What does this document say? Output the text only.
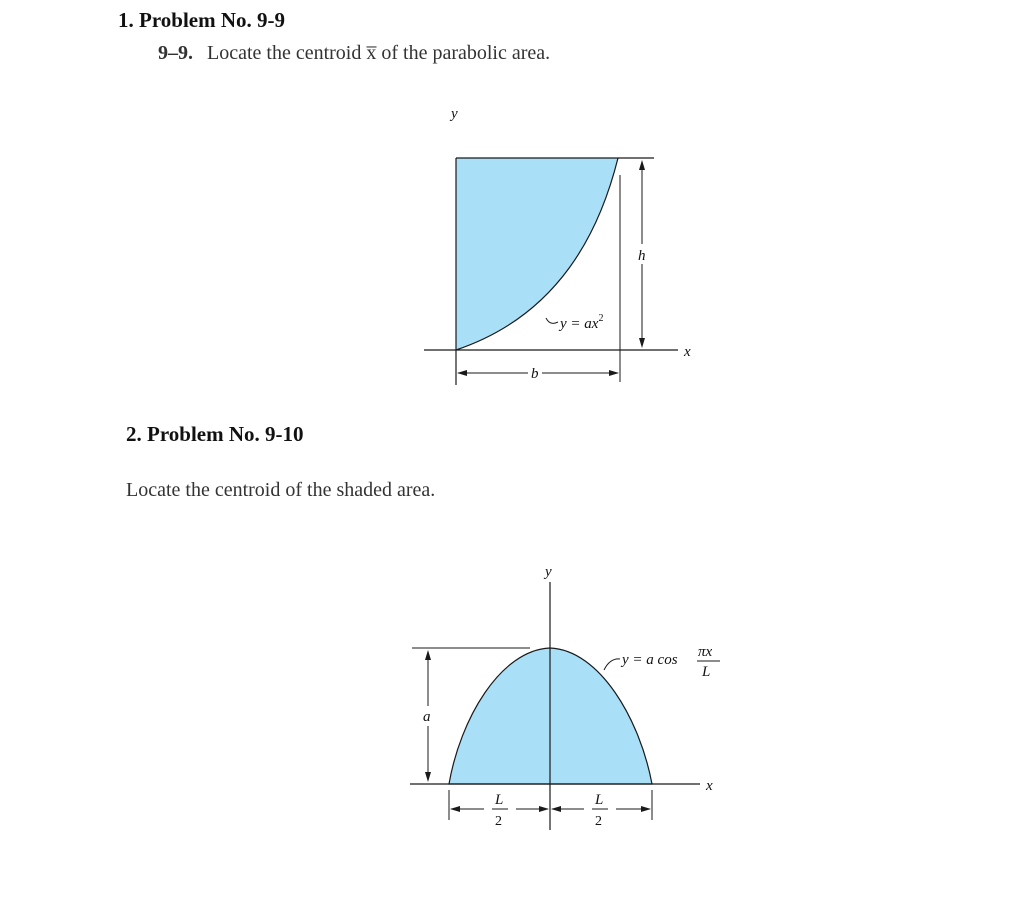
1. Problem No. 9-9
9–9. Locate the centroid x̅ of the parabolic area.
h
b
y
x
$y = ax^2$
2. Problem No. 9-10
Locate the centroid of the shaded area.
a
y
x
y = a cos πx
L
L
2
L
2
